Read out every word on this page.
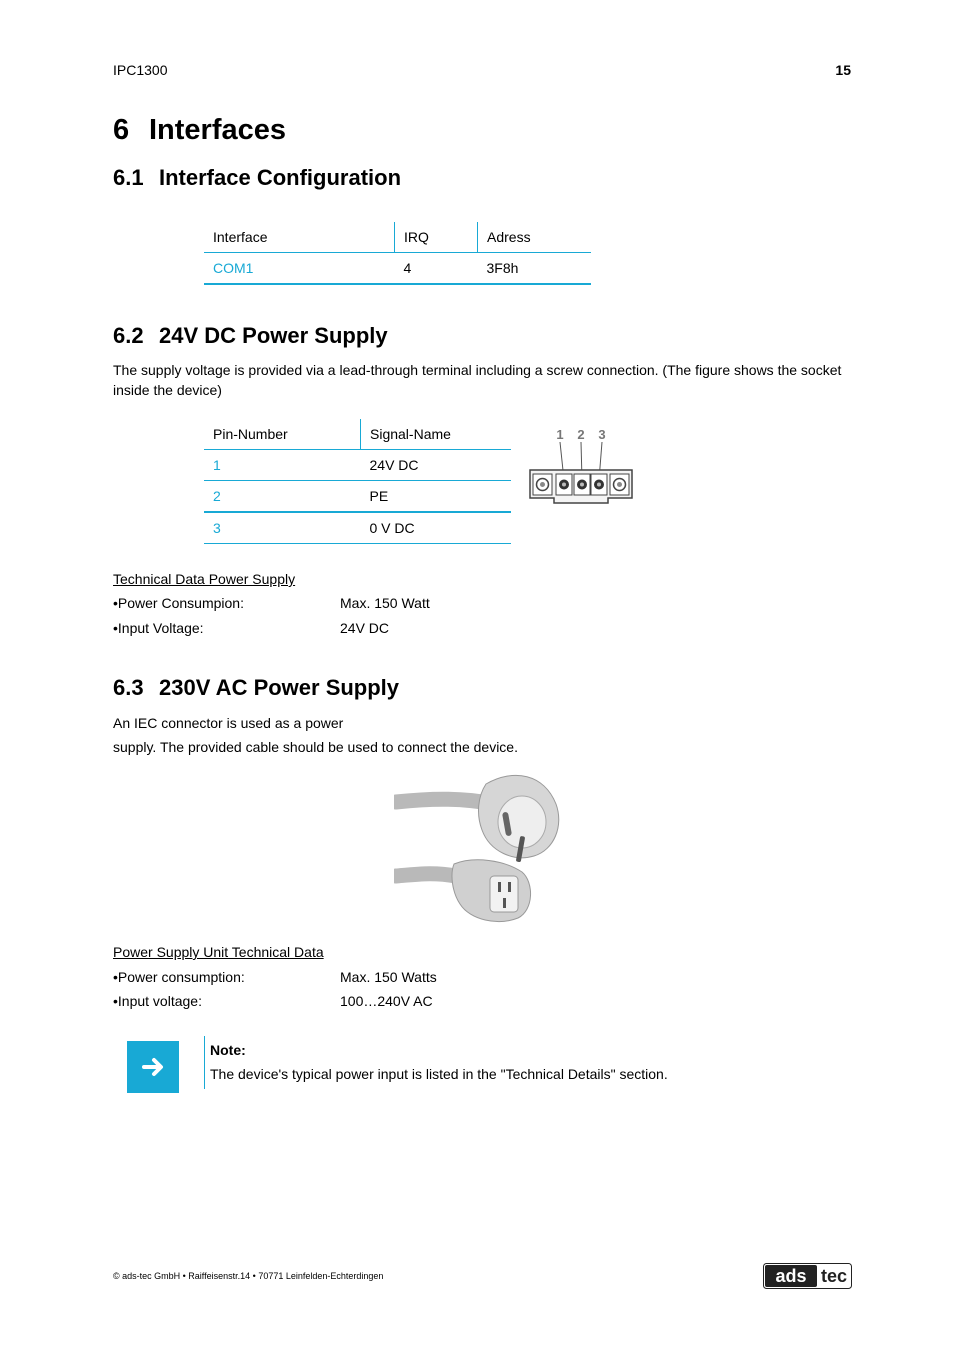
IPC1300	15
6 Interfaces
6.1 Interface Configuration
Interface	IRQ	Adress
COM1	4	3F8h
6.2 24V DC Power Supply
The supply voltage is provided via a lead-through terminal including a screw connection. (The figure shows the socket inside the device)
Pin-Number	Signal-Name
1	24V DC
2	PE
3	0 V DC
1 2 3
Technical Data Power Supply
•Power Consumpion:	Max. 150 Watt
•Input Voltage:	24V DC
6.3 230V AC Power Supply
An IEC connector is used as a power
supply. The provided cable should be used to connect the device.
Power Supply Unit Technical Data
•Power consumption:	Max. 150 Watts
•Input voltage:	100…240V AC
Note:
The device's typical power input is listed in the "Technical Details" section.
© ads-tec GmbH • Raiffeisenstr.14 • 70771 Leinfelden-Echterdingen	ads tec
